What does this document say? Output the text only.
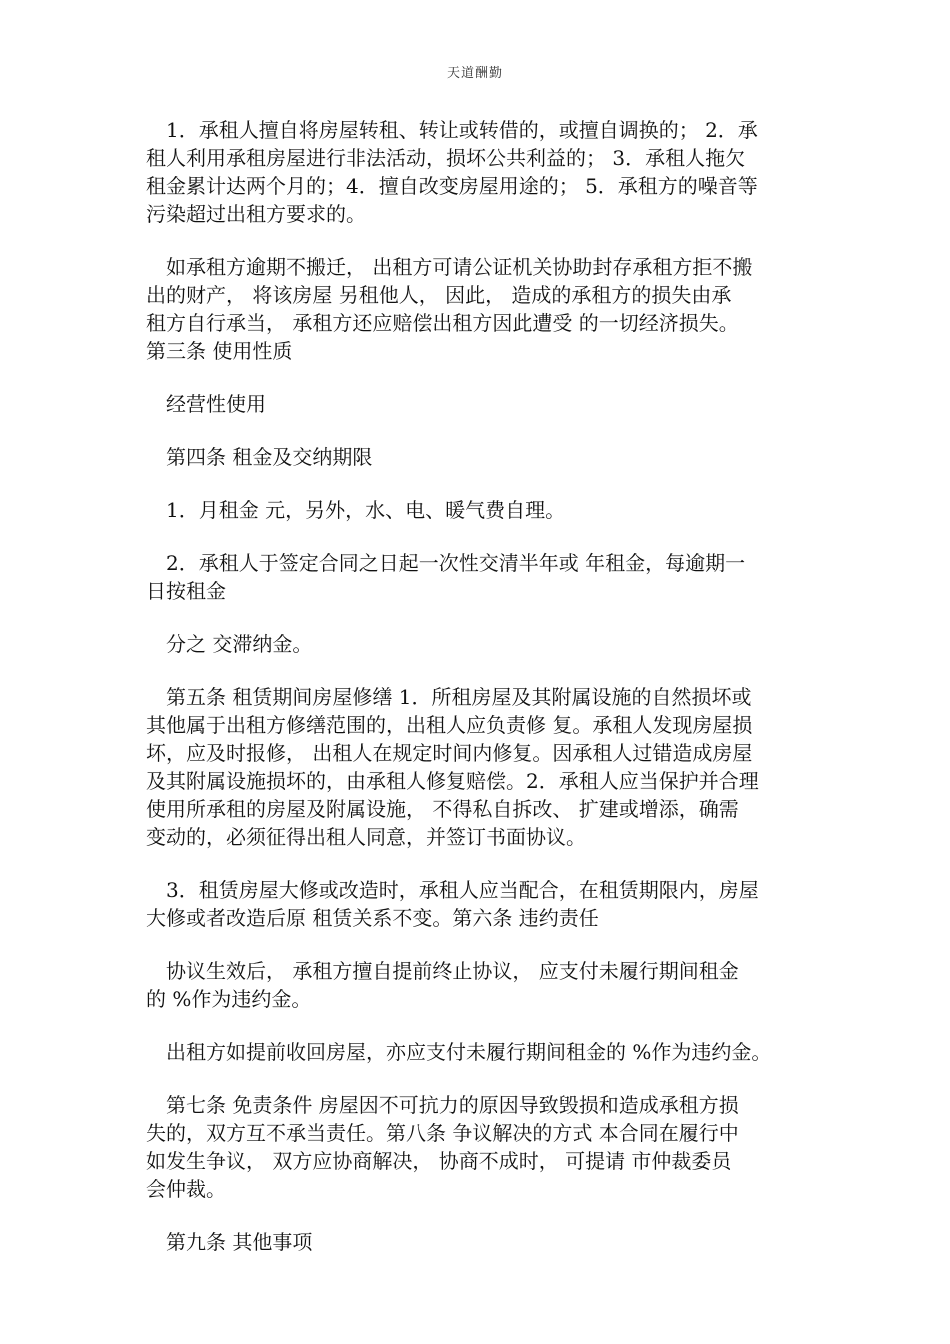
天道酬勤

1．承租人擅自将房屋转租、转让或转借的，或擅自调换的； 2．承
租人利用承租房屋进行非法活动，损坏公共利益的； 3．承租人拖欠
租金累计达两个月的；4．擅自改变房屋用途的； 5．承租方的噪音等
污染超过出租方要求的。

如承租方逾期不搬迁， 出租方可请公证机关协助封存承租方拒不搬
出的财产， 将该房屋 另租他人， 因此， 造成的承租方的损失由承
租方自行承当， 承租方还应赔偿出租方因此遭受 的一切经济损失。
第三条 使用性质

经营性使用

第四条 租金及交纳期限

1．月租金 元，另外，水、电、暖气费自理。

2．承租人于签定合同之日起一次性交清半年或 年租金，每逾期一
日按租金

分之 交滞纳金。

第五条 租赁期间房屋修缮 1．所租房屋及其附属设施的自然损坏或
其他属于出租方修缮范围的，出租人应负责修 复。承租人发现房屋损
坏，应及时报修， 出租人在规定时间内修复。因承租人过错造成房屋
及其附属设施损坏的，由承租人修复赔偿。2．承租人应当保护并合理
使用所承租的房屋及附属设施， 不得私自拆改、 扩建或增添，确需
变动的，必须征得出租人同意，并签订书面协议。

3．租赁房屋大修或改造时，承租人应当配合，在租赁期限内，房屋
大修或者改造后原 租赁关系不变。第六条 违约责任

协议生效后， 承租方擅自提前终止协议， 应支付未履行期间租金
的 %作为违约金。

出租方如提前收回房屋，亦应支付未履行期间租金的 %作为违约金。

第七条 免责条件 房屋因不可抗力的原因导致毁损和造成承租方损
失的，双方互不承当责任。第八条 争议解决的方式 本合同在履行中
如发生争议， 双方应协商解决， 协商不成时， 可提请 市仲裁委员
会仲裁。

第九条 其他事项
